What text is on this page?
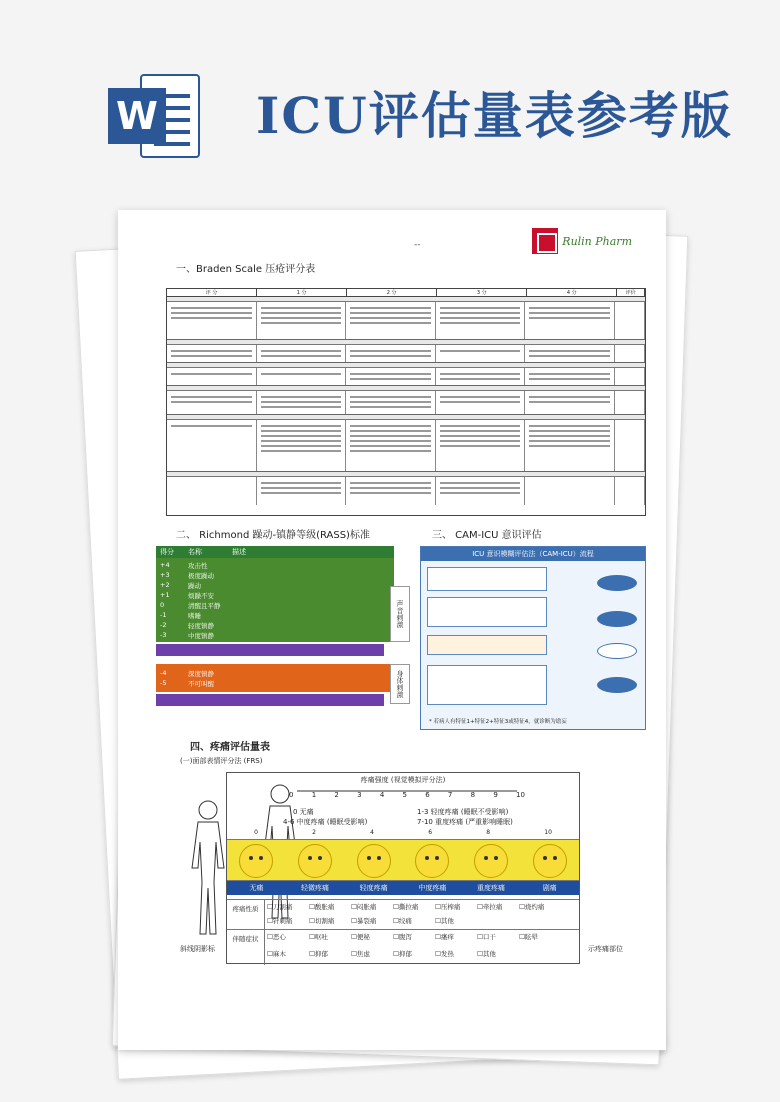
W ICU评估量表参考版
--	Rulin Pharm
一、Braden Scale 压疮评分表
评 分	1 分	2 分	3 分	4 分	评价
二、 Richmond 躁动-镇静等级(RASS)标准	三、 CAM-ICU 意识评估
得分	名称	描述
+4	攻击性
+3	极度躁动
+2	躁动
+1	烦躁不安
0	清醒且平静
-1	嗜睡
-2	轻度镇静
-3	中度镇静
-4	深度镇静
-5	不可叫醒
声音刺激
身体刺激
ICU 意识模糊评估法（CAM-ICU）流程
* 若病人有特征1+特征2+特征3或特征4，就诊断为谵妄
四、疼痛评估量表
(一)面部表情评分法 (FRS)
疼痛强度 (视觉模拟评分法)
0	1	2	3	4	5	6	7	8	9	10
0 无痛	1-3 轻度疼痛 (睡眠不受影响)
4-6 中度疼痛 (睡眠受影响)	7-10 重度疼痛 (严重影响睡眠)
0	2	4	6	8	10
无痛	轻微疼痛	轻度疼痛	中度疼痛	重度疼痛	剧痛
疼痛性质	☐刀割痛	☐酸胀痛	☐闷胀痛	☐撕拉痛	☐压榨痛	☐牵拉痛	☐烧灼痛
☐针刺痛	☐切割痛	☐暴裂痛	☐绞痛	☐其他
伴随症状	☐恶心	☐呕吐	☐便秘	☐腹泻	☐瘙痒	☐口干	☐眩晕
☐麻木	☐抑郁	☐焦虑	☐抑郁	☐发热	☐其他
斜线阴影标	示疼痛部位
